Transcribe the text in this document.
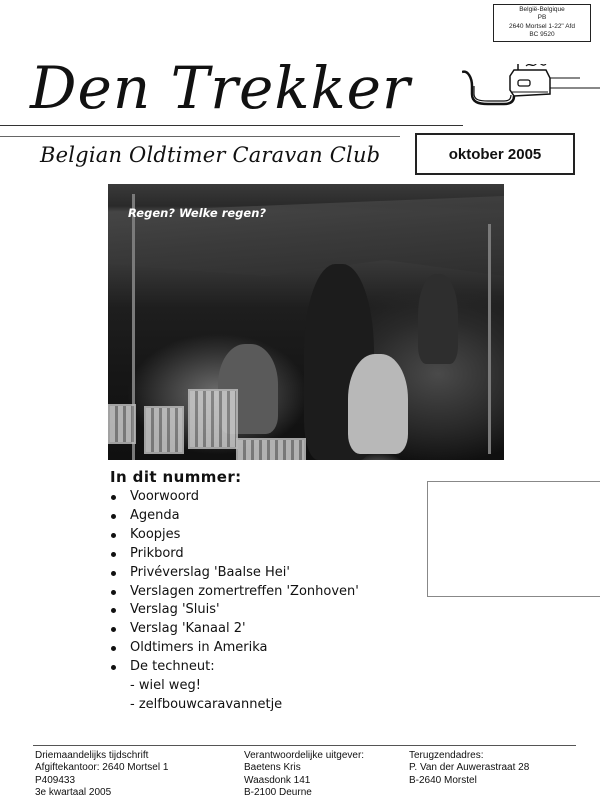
België-Belgique
PB
2640 Mortsel 1-22" Afd
BC 9520
Den Trekker
Belgian Oldtimer Caravan Club	oktober 2005
Regen? Welke regen?
In dit nummer:
Voorwoord
Agenda
Koopjes
Prikbord
Privéverslag 'Baalse Hei'
Verslagen zomertreffen 'Zonhoven'
Verslag 'Sluis'
Verslag 'Kanaal 2'
Oldtimers in Amerika
De techneut:
- wiel weg!
- zelfbouwcaravannetje
Driemaandelijks tijdschrift
Afgiftekantoor: 2640 Mortsel 1
P409433
3e kwartaal 2005
Verantwoordelijke uitgever:
Baetens Kris
Waasdonk 141
B-2100 Deurne
Terugzendadres:
P. Van der Auwerastraat 28
B-2640 Morstel
